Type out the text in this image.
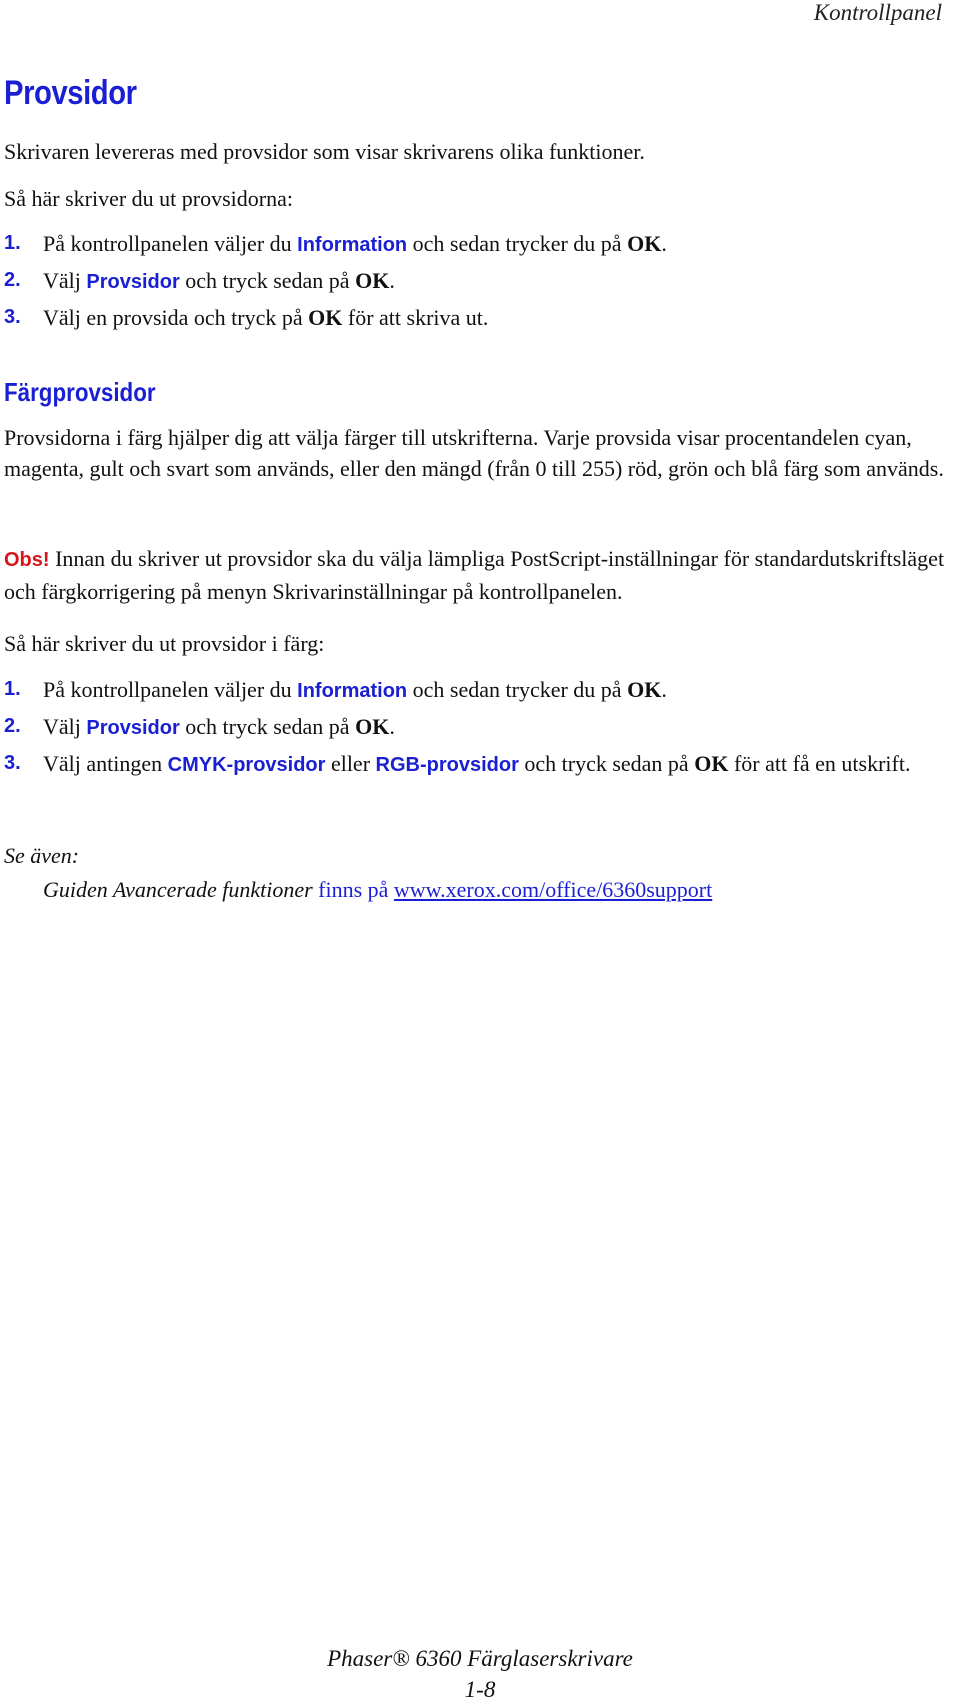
Kontrollpanel
Provsidor

Skrivaren levereras med provsidor som visar skrivarens olika funktioner.

Så här skriver du ut provsidorna:

1. På kontrollpanelen väljer du Information och sedan trycker du på OK.
2. Välj Provsidor och tryck sedan på OK.
3. Välj en provsida och tryck på OK för att skriva ut.
Färgprovsidor

Provsidorna i färg hjälper dig att välja färger till utskrifterna. Varje provsida visar procentandelen cyan, magenta, gult och svart som används, eller den mängd (från 0 till 255) röd, grön och blå färg som används.

Obs! Innan du skriver ut provsidor ska du välja lämpliga PostScript-inställningar för standardutskriftsläget och färgkorrigering på menyn Skrivarinställningar på kontrollpanelen.

Så här skriver du ut provsidor i färg:

1. På kontrollpanelen väljer du Information och sedan trycker du på OK.
2. Välj Provsidor och tryck sedan på OK.
3. Välj antingen CMYK-provsidor eller RGB-provsidor och tryck sedan på OK för att få en utskrift.

Se även:

Guiden Avancerade funktioner finns på www.xerox.com/office/6360support

Phaser® 6360 Färglaserskrivare
1-8
